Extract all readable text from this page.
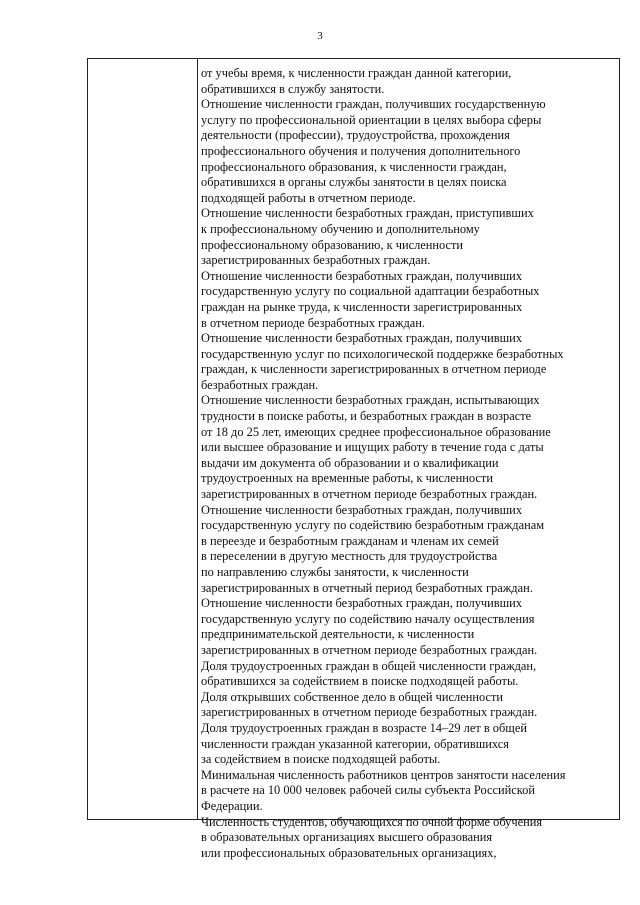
3
от учебы время, к численности граждан данной категории,
обратившихся в службу занятости.
Отношение численности граждан, получивших государственную
услугу по профессиональной ориентации в целях выбора сферы
деятельности (профессии), трудоустройства, прохождения
профессионального обучения и получения дополнительного
профессионального образования, к численности граждан,
обратившихся в органы службы занятости в целях поиска
подходящей работы в отчетном периоде.
Отношение численности безработных граждан, приступивших
к профессиональному обучению и дополнительному
профессиональному образованию, к численности
зарегистрированных безработных граждан.
Отношение численности безработных граждан, получивших
государственную услугу по социальной адаптации безработных
граждан на рынке труда, к численности зарегистрированных
в отчетном периоде безработных граждан.
Отношение численности безработных граждан, получивших
государственную услуг по психологической поддержке безработных
граждан, к численности зарегистрированных в отчетном периоде
безработных граждан.
Отношение численности безработных граждан, испытывающих
трудности в поиске работы, и безработных граждан в возрасте
от 18 до 25 лет, имеющих среднее профессиональное образование
или высшее образование и ищущих работу в течение года с даты
выдачи им документа об образовании и о квалификации
трудоустроенных на временные работы, к численности
зарегистрированных в отчетном периоде безработных граждан.
Отношение численности безработных граждан, получивших
государственную услугу по содействию безработным гражданам
в переезде и безработным гражданам и членам их семей
в переселении в другую местность для трудоустройства
по направлению службы занятости, к численности
зарегистрированных в отчетный период безработных граждан.
Отношение численности безработных граждан, получивших
государственную услугу по содействию началу осуществления
предпринимательской деятельности, к численности
зарегистрированных в отчетном периоде безработных граждан.
Доля трудоустроенных граждан в общей численности граждан,
обратившихся за содействием в поиске подходящей работы.
Доля открывших собственное дело в общей численности
зарегистрированных в отчетном периоде безработных граждан.
Доля трудоустроенных граждан в возрасте 14–29 лет в общей
численности граждан указанной категории, обратившихся
за содействием в поиске подходящей работы.
Минимальная численность работников центров занятости населения
в расчете на 10 000 человек рабочей силы субъекта Российской
Федерации.
Численность студентов, обучающихся по очной форме обучения
в образовательных организациях высшего образования
или профессиональных образовательных организациях,
